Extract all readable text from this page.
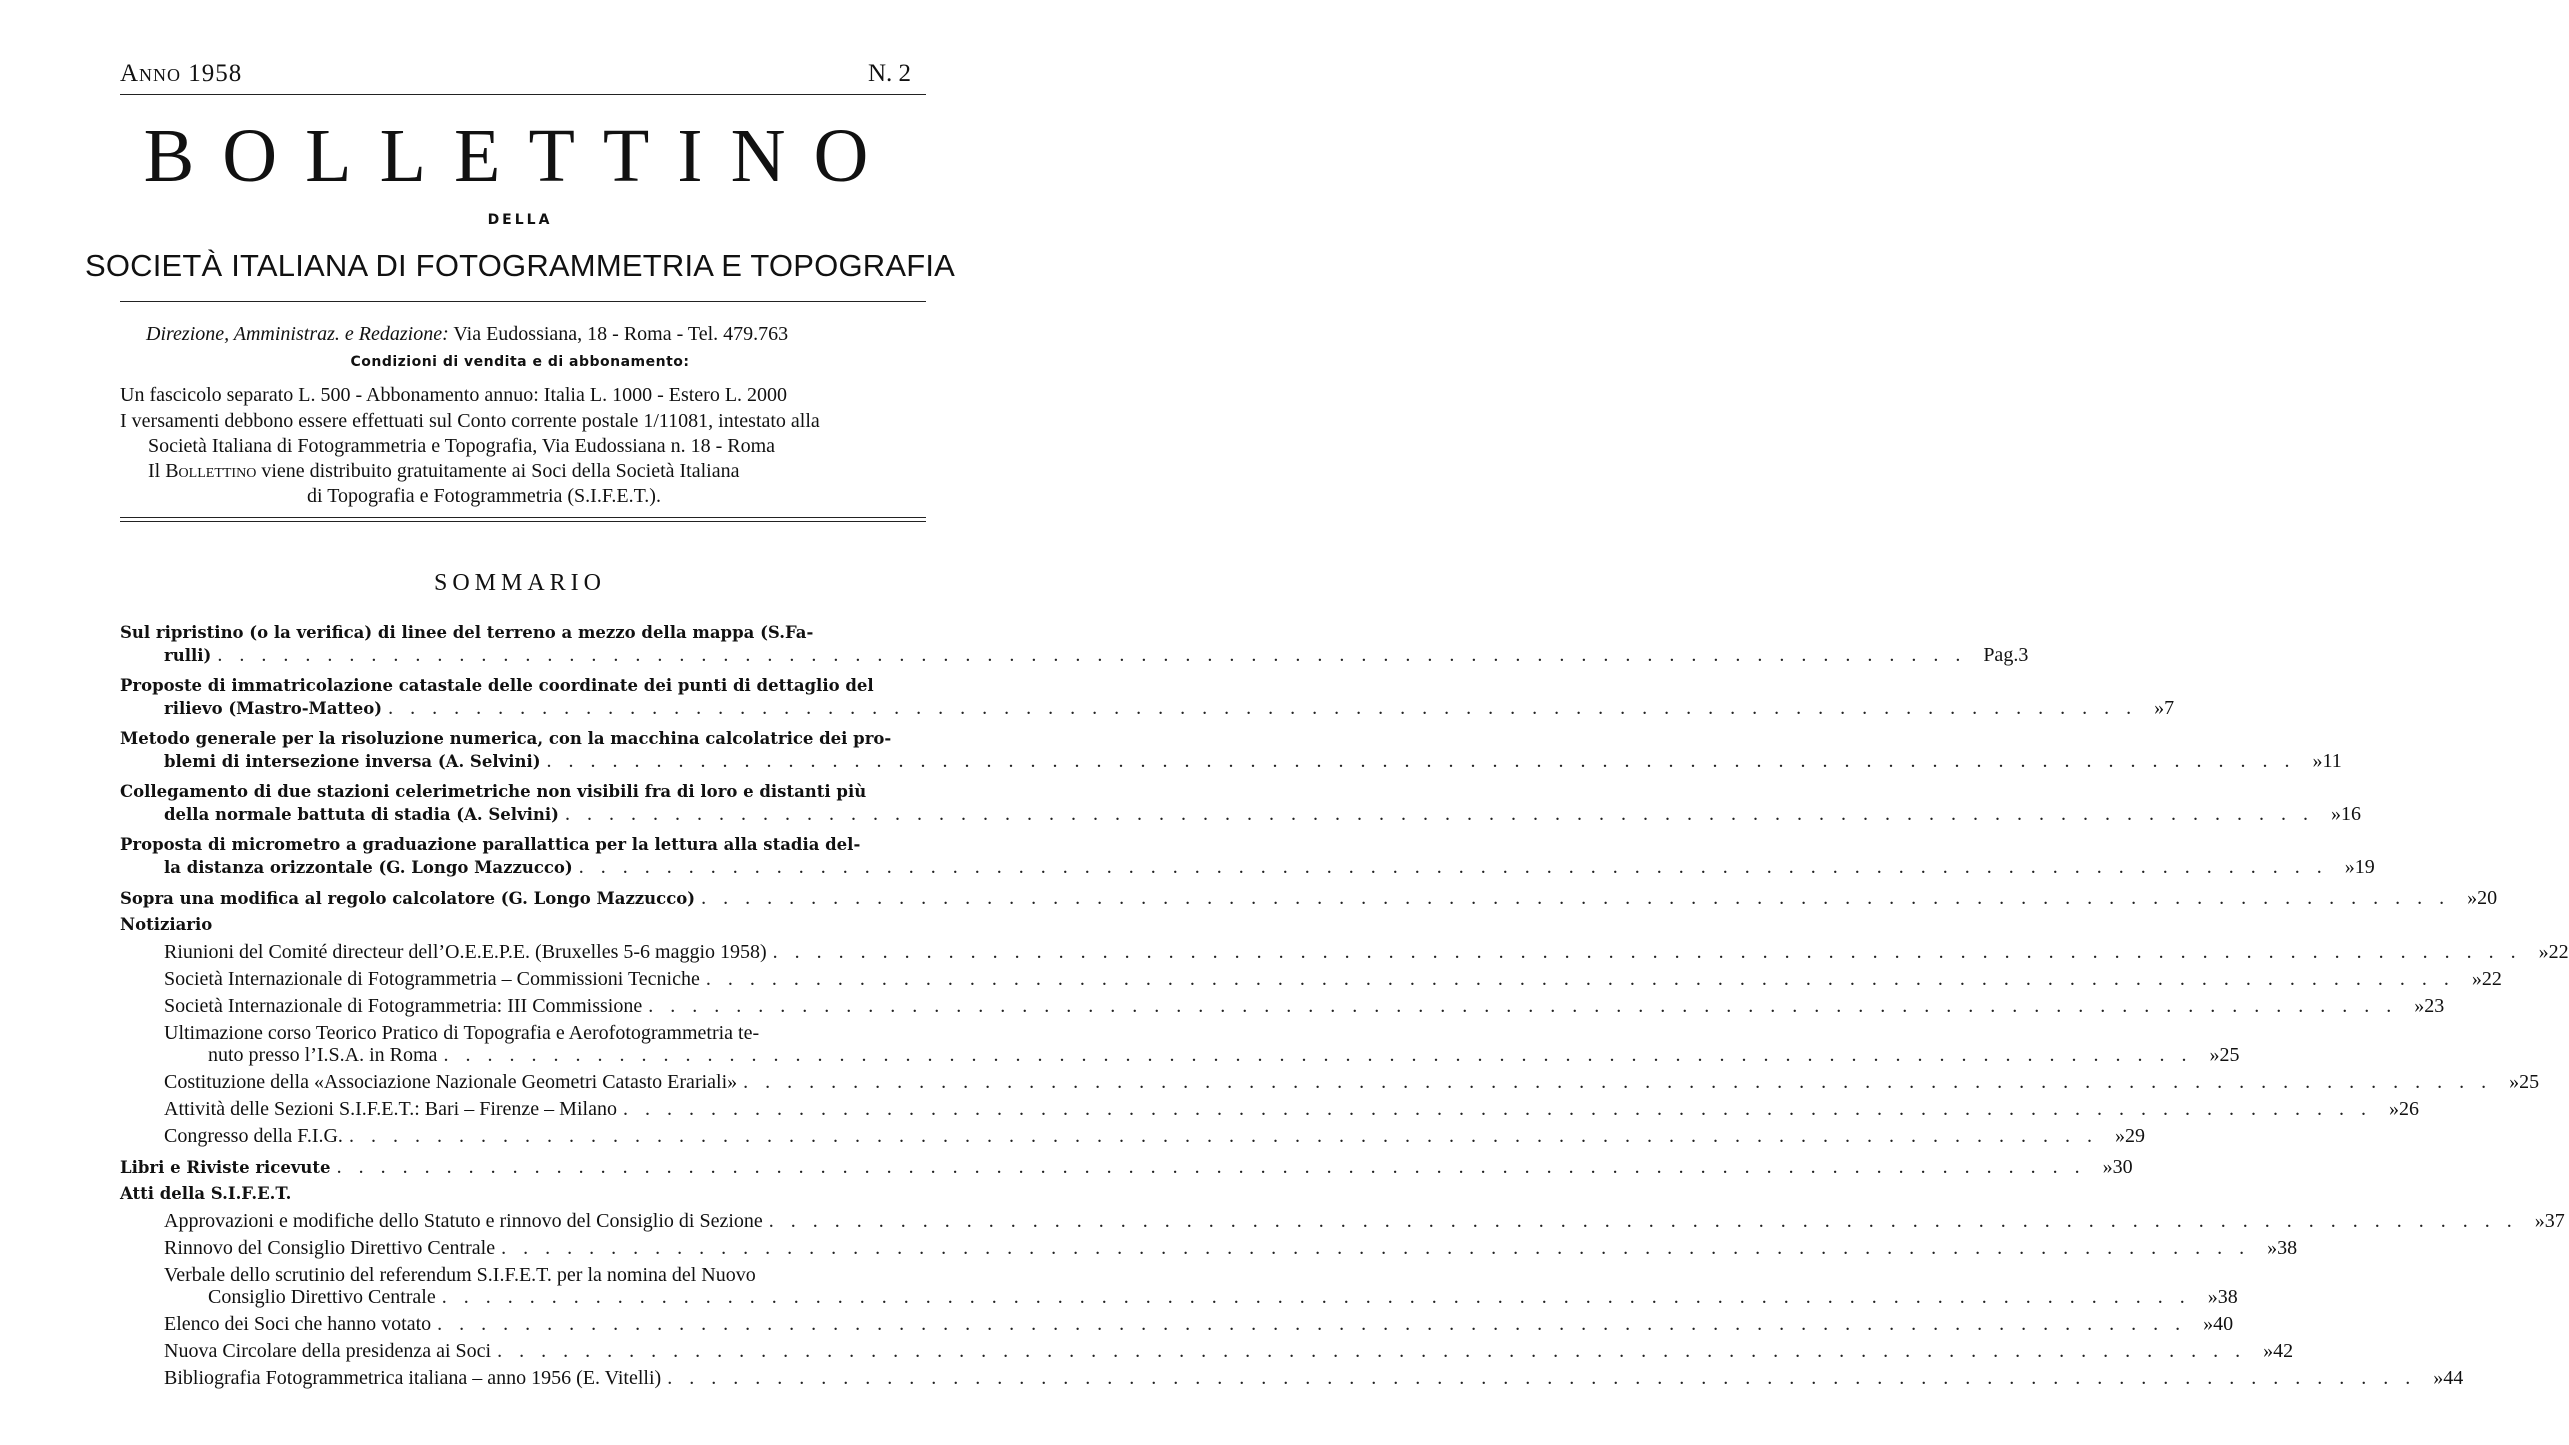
Anno 1958	N. 2
BOLLETTINO
DELLA
SOCIETÀ ITALIANA DI FOTOGRAMMETRIA E TOPOGRAFIA
Direzione, Amministraz. e Redazione: Via Eudossiana, 18 - Roma - Tel. 479.763
Condizioni di vendita e di abbonamento:
Un fascicolo separato L. 500 - Abbonamento annuo: Italia L. 1000 - Estero L. 2000
I versamenti debbono essere effettuati sul Conto corrente postale 1/11081, intestato alla
Società Italiana di Fotogrammetria e Topografia, Via Eudossiana n. 18 - Roma
Il Bollettino viene distribuito gratuitamente ai Soci della Società Italiana
di Topografia e Fotogrammetria (S.I.F.E.T.).
SOMMARIO
Sul ripristino (o la verifica) di linee del terreno a mezzo della mappa (S.Fa-
rulli) . . . . . . . . . . . . . . . . . . . . . . . . . . . . . . . . . . . . . . . . . . . . . . . . . . . . . . . . . . . . . . . . . . . . . . . . . . . . . . . . Pag.3
Proposte di immatricolazione catastale delle coordinate dei punti di dettaglio del
rilievo (Mastro-Matteo) . . . . . . . . . . . . . . . . . . . . . . . . . . . . . . . . . . . . . . . . . . . . . . . . . . . . . . . . . . . . . . . . . . . . . . . . . . . . . . . . »7
Metodo generale per la risoluzione numerica, con la macchina calcolatrice dei pro-
blemi di intersezione inversa (A. Selvini) . . . . . . . . . . . . . . . . . . . . . . . . . . . . . . . . . . . . . . . . . . . . . . . . . . . . . . . . . . . . . . . . . . . . . . . . . . . . . . . . »11
Collegamento di due stazioni celerimetriche non visibili fra di loro e distanti più
della normale battuta di stadia (A. Selvini) . . . . . . . . . . . . . . . . . . . . . . . . . . . . . . . . . . . . . . . . . . . . . . . . . . . . . . . . . . . . . . . . . . . . . . . . . . . . . . . . »16
Proposta di micrometro a graduazione parallattica per la lettura alla stadia del-
la distanza orizzontale (G. Longo Mazzucco) . . . . . . . . . . . . . . . . . . . . . . . . . . . . . . . . . . . . . . . . . . . . . . . . . . . . . . . . . . . . . . . . . . . . . . . . . . . . . . . . »19
Sopra una modifica al regolo calcolatore (G. Longo Mazzucco) . . . . . . . . . . . . . . . . . . . . . . . . . . . . . . . . . . . . . . . . . . . . . . . . . . . . . . . . . . . . . . . . . . . . . . . . . . . . . . . . »20
Notiziario
Riunioni del Comité directeur dell’O.E.E.P.E. (Bruxelles 5-6 maggio 1958) . . . . . . . . . . . . . . . . . . . . . . . . . . . . . . . . . . . . . . . . . . . . . . . . . . . . . . . . . . . . . . . . . . . . . . . . . . . . . . . . »22
Società Internazionale di Fotogrammetria – Commissioni Tecniche . . . . . . . . . . . . . . . . . . . . . . . . . . . . . . . . . . . . . . . . . . . . . . . . . . . . . . . . . . . . . . . . . . . . . . . . . . . . . . . . »22
Società Internazionale di Fotogrammetria: III Commissione . . . . . . . . . . . . . . . . . . . . . . . . . . . . . . . . . . . . . . . . . . . . . . . . . . . . . . . . . . . . . . . . . . . . . . . . . . . . . . . . »23
Ultimazione corso Teorico Pratico di Topografia e Aerofotogrammetria te-
nuto presso l’I.S.A. in Roma . . . . . . . . . . . . . . . . . . . . . . . . . . . . . . . . . . . . . . . . . . . . . . . . . . . . . . . . . . . . . . . . . . . . . . . . . . . . . . . . »25
Costituzione della «Associazione Nazionale Geometri Catasto Erariali» . . . . . . . . . . . . . . . . . . . . . . . . . . . . . . . . . . . . . . . . . . . . . . . . . . . . . . . . . . . . . . . . . . . . . . . . . . . . . . . . »25
Attività delle Sezioni S.I.F.E.T.: Bari – Firenze – Milano . . . . . . . . . . . . . . . . . . . . . . . . . . . . . . . . . . . . . . . . . . . . . . . . . . . . . . . . . . . . . . . . . . . . . . . . . . . . . . . . »26
Congresso della F.I.G. . . . . . . . . . . . . . . . . . . . . . . . . . . . . . . . . . . . . . . . . . . . . . . . . . . . . . . . . . . . . . . . . . . . . . . . . . . . . . . . . »29
Libri e Riviste ricevute . . . . . . . . . . . . . . . . . . . . . . . . . . . . . . . . . . . . . . . . . . . . . . . . . . . . . . . . . . . . . . . . . . . . . . . . . . . . . . . . »30
Atti della S.I.F.E.T.
Approvazioni e modifiche dello Statuto e rinnovo del Consiglio di Sezione . . . . . . . . . . . . . . . . . . . . . . . . . . . . . . . . . . . . . . . . . . . . . . . . . . . . . . . . . . . . . . . . . . . . . . . . . . . . . . . . »37
Rinnovo del Consiglio Direttivo Centrale . . . . . . . . . . . . . . . . . . . . . . . . . . . . . . . . . . . . . . . . . . . . . . . . . . . . . . . . . . . . . . . . . . . . . . . . . . . . . . . . »38
Verbale dello scrutinio del referendum S.I.F.E.T. per la nomina del Nuovo
Consiglio Direttivo Centrale . . . . . . . . . . . . . . . . . . . . . . . . . . . . . . . . . . . . . . . . . . . . . . . . . . . . . . . . . . . . . . . . . . . . . . . . . . . . . . . . »38
Elenco dei Soci che hanno votato . . . . . . . . . . . . . . . . . . . . . . . . . . . . . . . . . . . . . . . . . . . . . . . . . . . . . . . . . . . . . . . . . . . . . . . . . . . . . . . . »40
Nuova Circolare della presidenza ai Soci . . . . . . . . . . . . . . . . . . . . . . . . . . . . . . . . . . . . . . . . . . . . . . . . . . . . . . . . . . . . . . . . . . . . . . . . . . . . . . . . »42
Bibliografia Fotogrammetrica italiana – anno 1956 (E. Vitelli) . . . . . . . . . . . . . . . . . . . . . . . . . . . . . . . . . . . . . . . . . . . . . . . . . . . . . . . . . . . . . . . . . . . . . . . . . . . . . . . . »44
